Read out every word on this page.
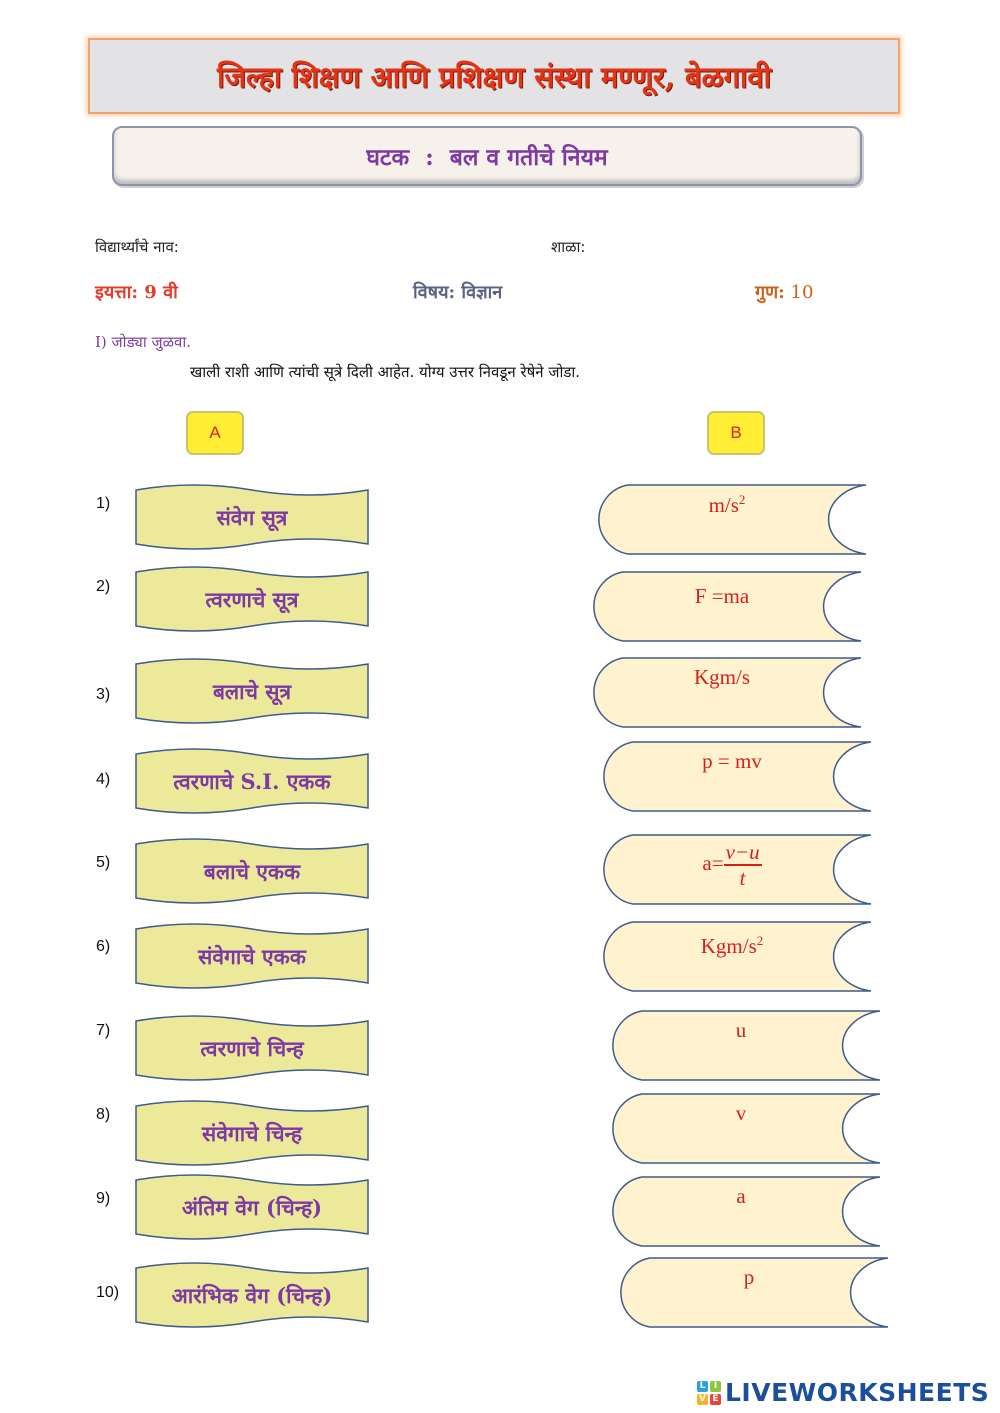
जिल्हा शिक्षण आणि प्रशिक्षण संस्था मण्णूर, बेळगावी
घटक  :  बल व गतीचे नियम
विद्यार्थ्यांचे नाव:	शाळा:
इयत्ता: 9 वी	विषय: विज्ञान	गुण: 10
I) जोड्या जुळवा.
खाली राशी आणि त्यांची सूत्रे दिली आहेत. योग्य उत्तर निवडून रेषेने जोडा.
A	B
1)
संवेग सूत्र
2)
त्वरणाचे सूत्र
3)	बलाचे सूत्र
4)	त्वरणाचे S.I. एकक
5)	बलाचे एकक
6)	संवेगाचे एकक
7)
त्वरणाचे चिन्ह
8)
संवेगाचे चिन्ह
9)	अंतिम वेग (चिन्ह)
10)	आरंभिक वेग (चिन्ह)
$m/s^2$
F =ma
Kgm/s
p = mv
$a= \frac{v-u}{t}$
Kgm/$s^2$
u
v
a
p
L I
V E LIVEWORKSHEETS
